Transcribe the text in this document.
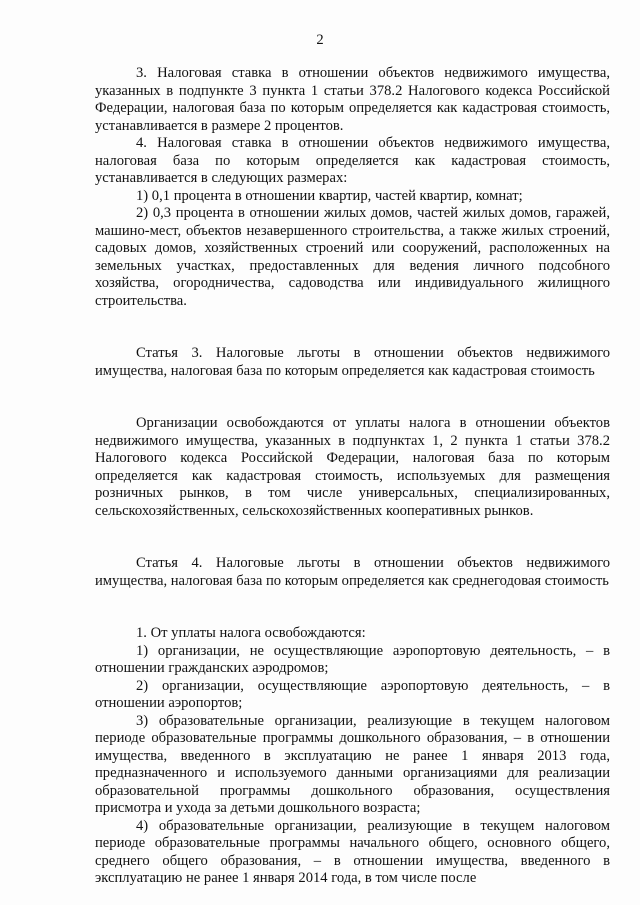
2

3. Налоговая ставка в отношении объектов недвижимого имущества, указанных в подпункте 3 пункта 1 статьи 378.2 Налогового кодекса Российской Федерации, налоговая база по которым определяется как кадастровая стоимость, устанавливается в размере 2 процентов.

4. Налоговая ставка в отношении объектов недвижимого имущества, налоговая база по которым определяется как кадастровая стоимость, устанавливается в следующих размерах:

1) 0,1 процента в отношении квартир, частей квартир, комнат;

2) 0,3 процента в отношении жилых домов, частей жилых домов, гаражей, машино-мест, объектов незавершенного строительства, а также жилых строений, садовых домов, хозяйственных строений или сооружений, расположенных на земельных участках, предоставленных для ведения личного подсобного хозяйства, огородничества, садоводства или индивидуального жилищного строительства.

Статья 3. Налоговые льготы в отношении объектов недвижимого имущества, налоговая база по которым определяется как кадастровая стоимость

Организации освобождаются от уплаты налога в отношении объектов недвижимого имущества, указанных в подпунктах 1, 2 пункта 1 статьи 378.2 Налогового кодекса Российской Федерации, налоговая база по которым определяется как кадастровая стоимость, используемых для размещения розничных рынков, в том числе универсальных, специализированных, сельскохозяйственных, сельскохозяйственных кооперативных рынков.

Статья 4. Налоговые льготы в отношении объектов недвижимого имущества, налоговая база по которым определяется как среднегодовая стоимость

1. От уплаты налога освобождаются:

1) организации, не осуществляющие аэропортовую деятельность, – в отношении гражданских аэродромов;

2) организации, осуществляющие аэропортовую деятельность, – в отношении аэропортов;

3) образовательные организации, реализующие в текущем налоговом периоде образовательные программы дошкольного образования, – в отношении имущества, введенного в эксплуатацию не ранее 1 января 2013 года, предназначенного и используемого данными организациями для реализации образовательной программы дошкольного образования, осуществления присмотра и ухода за детьми дошкольного возраста;

4) образовательные организации, реализующие в текущем налоговом периоде образовательные программы начального общего, основного общего, среднего общего образования, – в отношении имущества, введенного в эксплуатацию не ранее 1 января 2014 года, в том числе после
